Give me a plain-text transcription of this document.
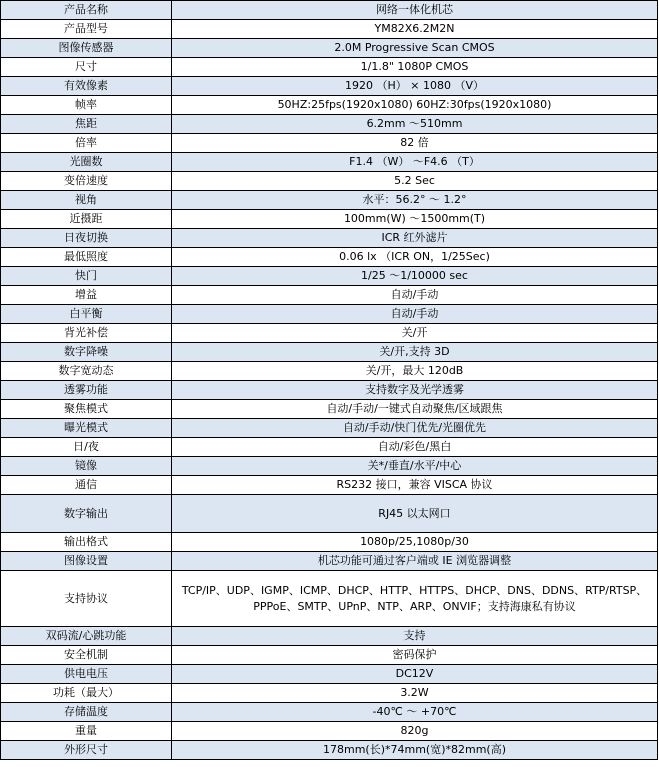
产品名称	网络一体化机芯
产品型号	YM82X6.2M2N
图像传感器	2.0M Progressive Scan CMOS
尺寸	1/1.8" 1080P CMOS
有效像素	1920 （H） × 1080 （V）
帧率	50HZ:25fps(1920x1080) 60HZ:30fps(1920x1080)
焦距	6.2mm ～510mm
倍率	82 倍
光圈数	F1.4 （W） ～F4.6 （T）
变倍速度	5.2 Sec
视角	水平：56.2° ～ 1.2°
近摄距	100mm(W) ～1500mm(T)
日夜切换	ICR 红外滤片
最低照度	0.06 lx （ICR ON，1/25Sec)
快门	1/25 ～1/10000 sec
增益	自动/手动
白平衡	自动/手动
背光补偿	关/开
数字降噪	关/开,支持 3D
数字宽动态	关/开，最大 120dB
透雾功能	支持数字及光学透雾
聚焦模式	自动/手动/一键式自动聚焦/区域跟焦
曝光模式	自动/手动/快门优先/光圈优先
日/夜	自动/彩色/黑白
镜像	关*/垂直/水平/中心
通信	RS232 接口，兼容 VISCA 协议
数字输出	RJ45 以太网口
输出格式	1080p/25,1080p/30
图像设置	机芯功能可通过客户端或 IE 浏览器调整
支持协议	TCP/IP、UDP、IGMP、ICMP、DHCP、HTTP、HTTPS、DHCP、DNS、DDNS、RTP/RTSP、PPPoE、SMTP、UPnP、NTP、ARP、ONVIF；支持海康私有协议
双码流/心跳功能	支持
安全机制	密码保护
供电电压	DC12V
功耗（最大）	3.2W
存储温度	-40℃ ～ +70℃
重量	820g
外形尺寸	178mm(长)*74mm(宽)*82mm(高)
